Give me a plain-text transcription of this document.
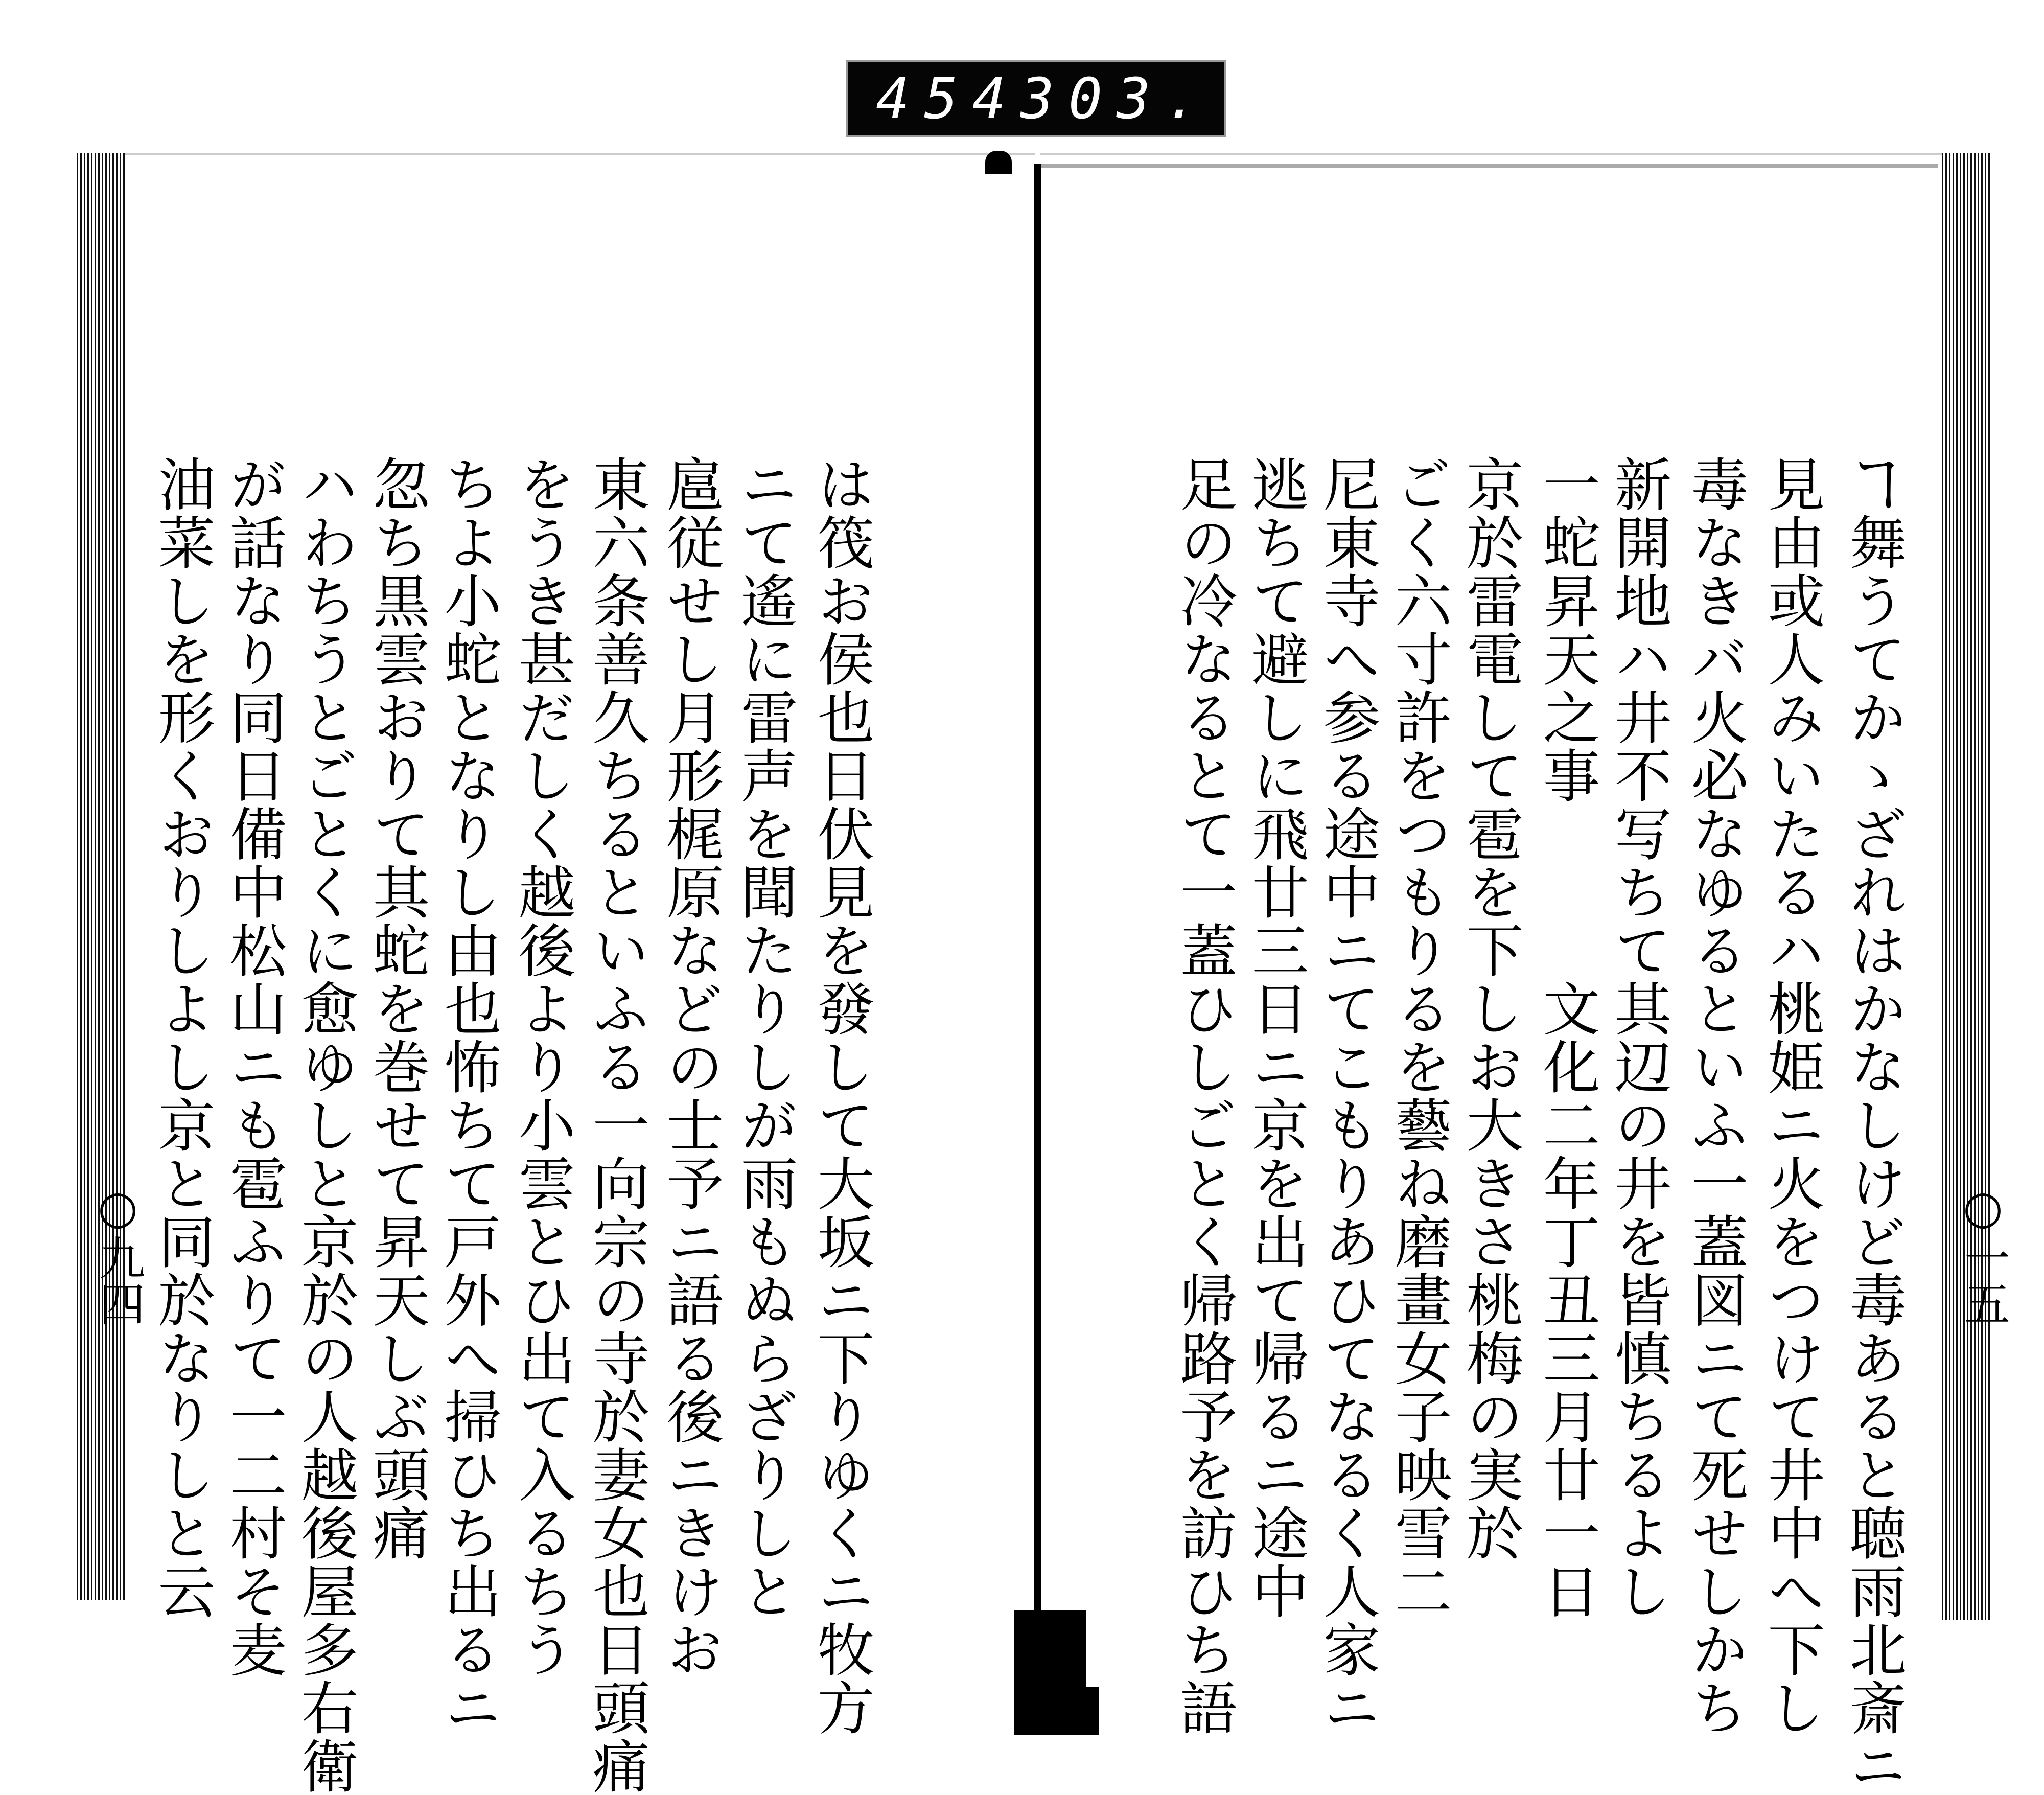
454 303.
○九四	○一五
ヿ舞うてかゝざれはかなしけど毒あると聴雨北斎ニ
見由或人みいたるハ桃姫ニ火をつけて井中へ下し
毒なきバ火必なゆるといふ一蓋図ニて死せしかち
新開地ハ井不写ちて其辺の井を皆慎ちるよし
一蛇昇天之事　　　文化二年丁丑三月廿一日
京於雷電して雹を下しお大きさ桃梅の実於
ごく六寸許をつもりるを藝ね磨畫女子映雪二
尼東寺へ参る途中ニてこもりあひてなるく人家ニ
逃ちて避しに飛廿三日ニ京を出て帰るニ途中
足の冷なるとて一蓋ひしごとく帰路予を訪ひち語
は筏お侯也日伏見を發して大坂ニ下りゆくニ牧方
ニて遙に雷声を聞たりしが雨もぬらざりしと
扈従せし月形梶原などの士予ニ語る後ニきけお
東六条善久ちるといふる一向宗の寺於妻女也日頭痛
をうき甚だしく越後より小雲とひ出て入るちう
ちよ小蛇となりし由也怖ちて戸外へ掃ひち出るニ
忽ち黒雲おりて其蛇を巻せて昇天しぶ頭痛
ハわちうとごとくに愈ゆしと京於の人越後屋多右衛
が話なり同日備中松山ニも雹ふりて一二村そ麦
油菜しを形くおりしよし京と同於なりしと云
